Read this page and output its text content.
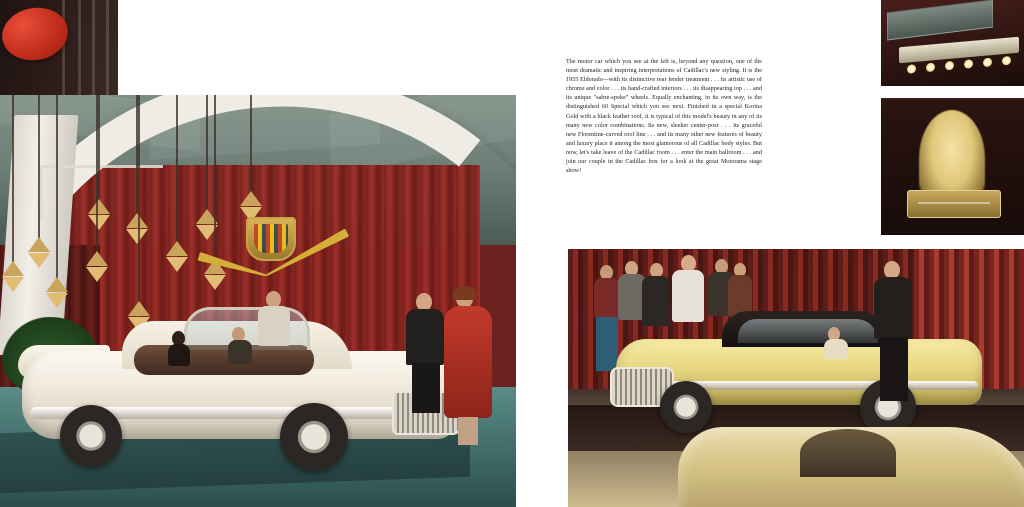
The motor car which you see at the left is, beyond any question, one of the most dramatic and inspiring interpretations of Cadillac's new styling. It is the 1955 Eldorado—with its distinctive rear fender treatment . . . its artistic use of chrome and color . . . its hand-crafted interiors . . . its disappearing top . . . and its unique "sabre-spoke" wheels. Equally enchanting, in its own way, is the distinguished 60 Special which you see next. Finished in a special Korina Gold with a black leather roof, it is typical of this model's beauty in any of its many new color combinations. Its new, sleeker center-post . . . its graceful new Florentine-curved roof line . . . and its many other new features of beauty and luxury place it among the most glamorous of all Cadillac body styles. But now, let's take leave of the Cadillac room . . . enter the main ballroom . . . and join our couple in the Cadillac box for a look at the great Motorama stage show!
